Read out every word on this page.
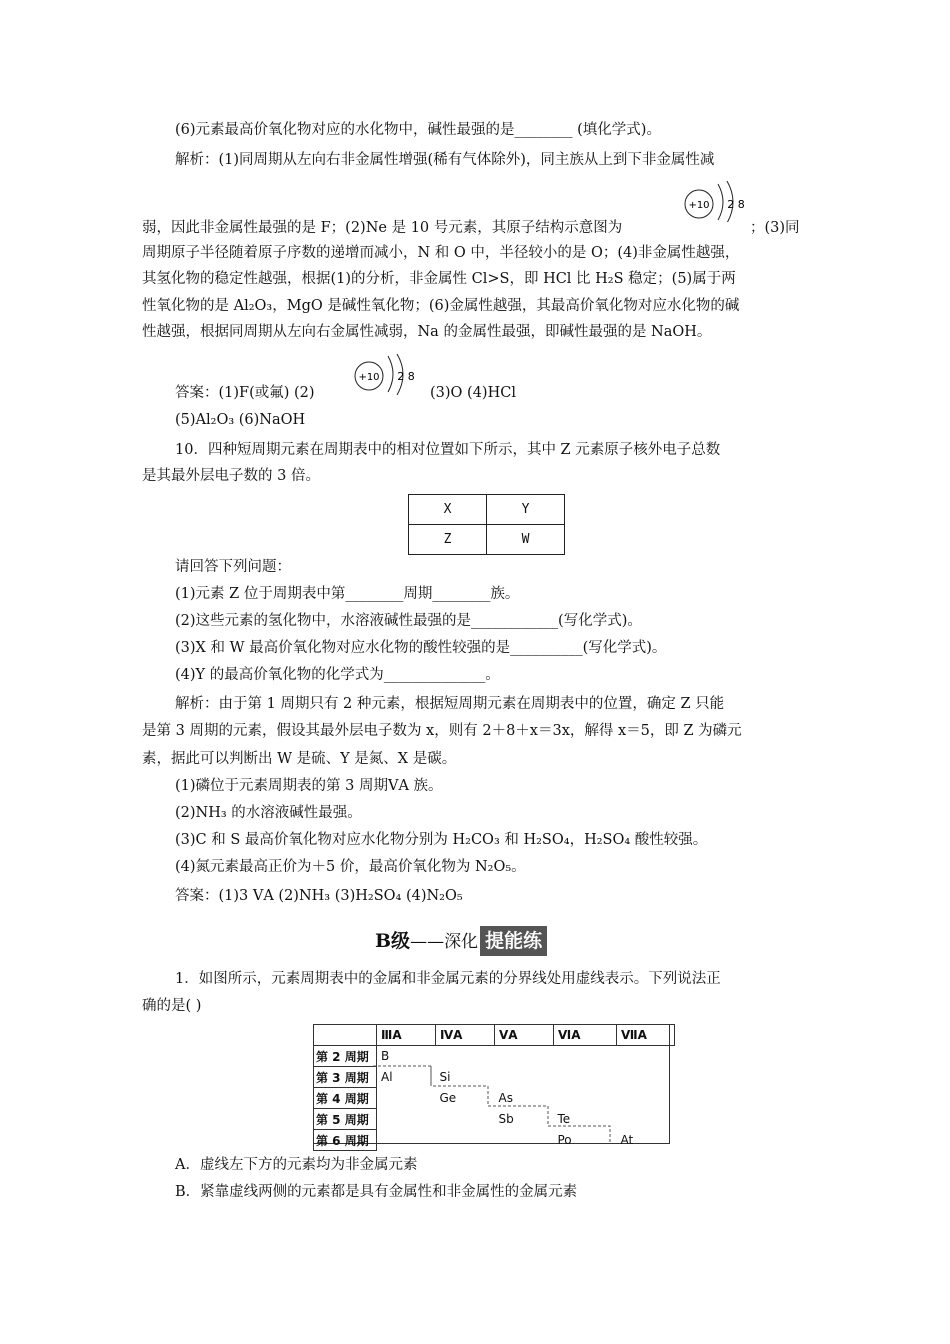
(6)元素最高价氧化物对应的水化物中，碱性最强的是________ (填化学式)。
解析：(1)同周期从左向右非金属性增强(稀有气体除外)，同主族从上到下非金属性减
弱，因此非金属性最强的是 F；(2)Ne 是 10 号元素，其原子结构示意图为
+10 2 8
；(3)同
周期原子半径随着原子序数的递增而减小，N 和 O 中，半径较小的是 O；(4)非金属性越强，
其氢化物的稳定性越强，根据(1)的分析，非金属性 Cl>S，即 HCl 比 H₂S 稳定；(5)属于两
性氧化物的是 Al₂O₃，MgO 是碱性氧化物；(6)金属性越强，其最高价氧化物对应水化物的碱
性越强，根据同周期从左向右金属性减弱，Na 的金属性最强，即碱性最强的是 NaOH。
答案：(1)F(或氟) (2)
+10 2 8
(3)O (4)HCl
(5)Al₂O₃ (6)NaOH
10．四种短周期元素在周期表中的相对位置如下所示，其中 Z 元素原子核外电子总数
是其最外层电子数的 3 倍。
X	Y
Z	W
请回答下列问题：
(1)元素 Z 位于周期表中第________周期________族。
(2)这些元素的氢化物中，水溶液碱性最强的是____________(写化学式)。
(3)X 和 W 最高价氧化物对应水化物的酸性较强的是__________(写化学式)。
(4)Y 的最高价氧化物的化学式为______________。
解析：由于第 1 周期只有 2 种元素，根据短周期元素在周期表中的位置，确定 Z 只能
是第 3 周期的元素，假设其最外层电子数为 x，则有 2＋8＋x＝3x，解得 x＝5，即 Z 为磷元
素，据此可以判断出 W 是硫、Y 是氮、X 是碳。
(1)磷位于元素周期表的第 3 周期ⅤA 族。
(2)NH₃ 的水溶液碱性最强。
(3)C 和 S 最高价氧化物对应水化物分别为 H₂CO₃ 和 H₂SO₄，H₂SO₄ 酸性较强。
(4)氮元素最高正价为＋5 价，最高价氧化物为 N₂O₅。
答案：(1)3 ⅤA (2)NH₃ (3)H₂SO₄ (4)N₂O₅
B级——深化 提能练
1．如图所示，元素周期表中的金属和非金属元素的分界线处用虚线表示。下列说法正
确的是( )
	ⅢA	ⅣA	ⅤA	ⅥA	ⅦA
第 2 周期	B				
第 3 周期	Al	Si			
第 4 周期		Ge	As		
第 5 周期			Sb	Te	
第 6 周期				Po	At
A．虚线左下方的元素均为非金属元素
B．紧靠虚线两侧的元素都是具有金属性和非金属性的金属元素
